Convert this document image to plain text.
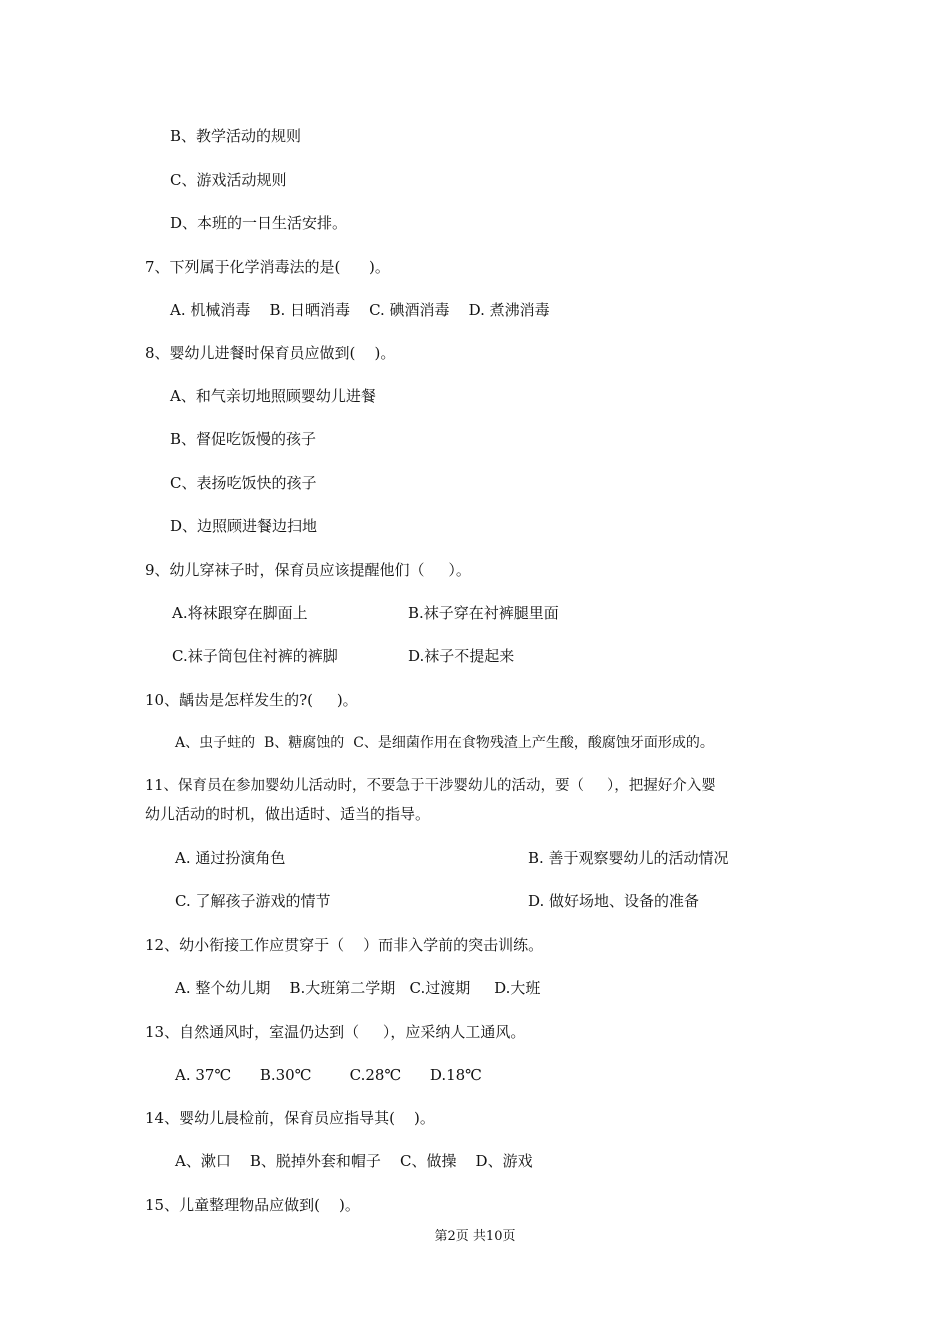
B、教学活动的规则
C、游戏活动规则
D、本班的一日生活安排。
7、下列属于化学消毒法的是(      )。
A. 机械消毒    B. 日晒消毒    C. 碘酒消毒    D. 煮沸消毒
8、婴幼儿进餐时保育员应做到(    )。
A、和气亲切地照顾婴幼儿进餐
B、督促吃饭慢的孩子
C、表扬吃饭快的孩子
D、边照顾进餐边扫地
9、幼儿穿袜子时，保育员应该提醒他们（     ）。
A.将袜跟穿在脚面上	B.袜子穿在衬裤腿里面
C.袜子筒包住衬裤的裤脚	D.袜子不提起来
10、龋齿是怎样发生的?(     )。
A、虫子蛀的  B、糖腐蚀的  C、是细菌作用在食物残渣上产生酸，酸腐蚀牙面形成的。
11、保育员在参加婴幼儿活动时，不要急于干涉婴幼儿的活动，要（     ），把握好介入婴
幼儿活动的时机，做出适时、适当的指导。
A. 通过扮演角色	B. 善于观察婴幼儿的活动情况
C. 了解孩子游戏的情节	D. 做好场地、设备的准备
12、幼小衔接工作应贯穿于（    ）而非入学前的突击训练。
A. 整个幼儿期    B.大班第二学期   C.过渡期     D.大班
13、自然通风时，室温仍达到（     ），应采纳人工通风。
A. 37℃      B.30℃        C.28℃      D.18℃
14、婴幼儿晨检前，保育员应指导其(    )。
A、漱口    B、脱掉外套和帽子    C、做操    D、游戏
15、儿童整理物品应做到(    )。
第2页 共10页
